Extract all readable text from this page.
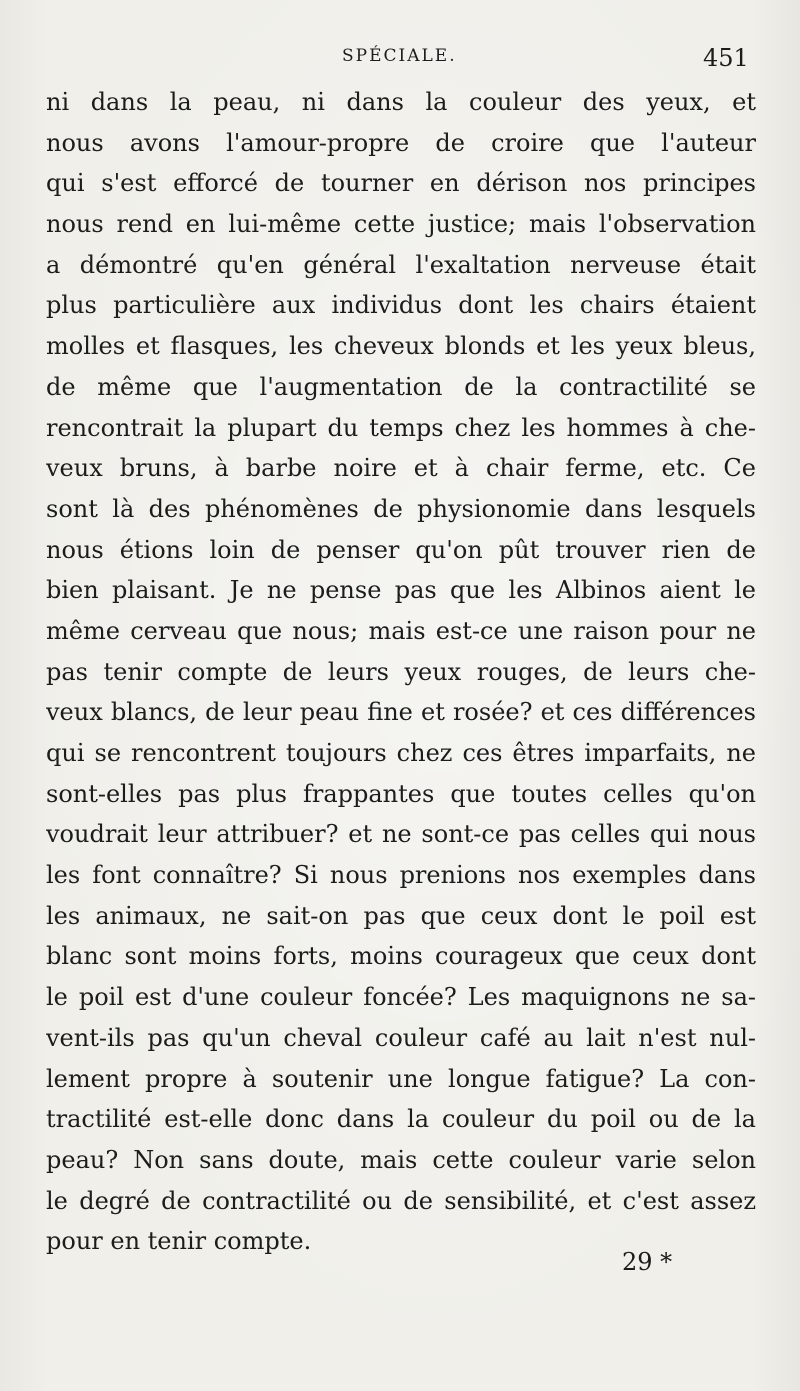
SPÉCIALE.	451
ni dans la peau, ni dans la couleur des yeux, et
nous avons l'amour-propre de croire que l'auteur
qui s'est efforcé de tourner en dérison nos principes
nous rend en lui-même cette justice; mais l'observation
a démontré qu'en général l'exaltation nerveuse était
plus particulière aux individus dont les chairs étaient
molles et flasques, les cheveux blonds et les yeux bleus,
de même que l'augmentation de la contractilité se
rencontrait la plupart du temps chez les hommes à che-
veux bruns, à barbe noire et à chair ferme, etc. Ce
sont là des phénomènes de physionomie dans lesquels
nous étions loin de penser qu'on pût trouver rien de
bien plaisant. Je ne pense pas que les Albinos aient le
même cerveau que nous; mais est-ce une raison pour ne
pas tenir compte de leurs yeux rouges, de leurs che-
veux blancs, de leur peau fine et rosée? et ces différences
qui se rencontrent toujours chez ces êtres imparfaits, ne
sont-elles pas plus frappantes que toutes celles qu'on
voudrait leur attribuer? et ne sont-ce pas celles qui nous
les font connaître? Si nous prenions nos exemples dans
les animaux, ne sait-on pas que ceux dont le poil est
blanc sont moins forts, moins courageux que ceux dont
le poil est d'une couleur foncée? Les maquignons ne sa-
vent-ils pas qu'un cheval couleur café au lait n'est nul-
lement propre à soutenir une longue fatigue? La con-
tractilité est-elle donc dans la couleur du poil ou de la
peau? Non sans doute, mais cette couleur varie selon
le degré de contractilité ou de sensibilité, et c'est assez
pour en tenir compte.
29 *
